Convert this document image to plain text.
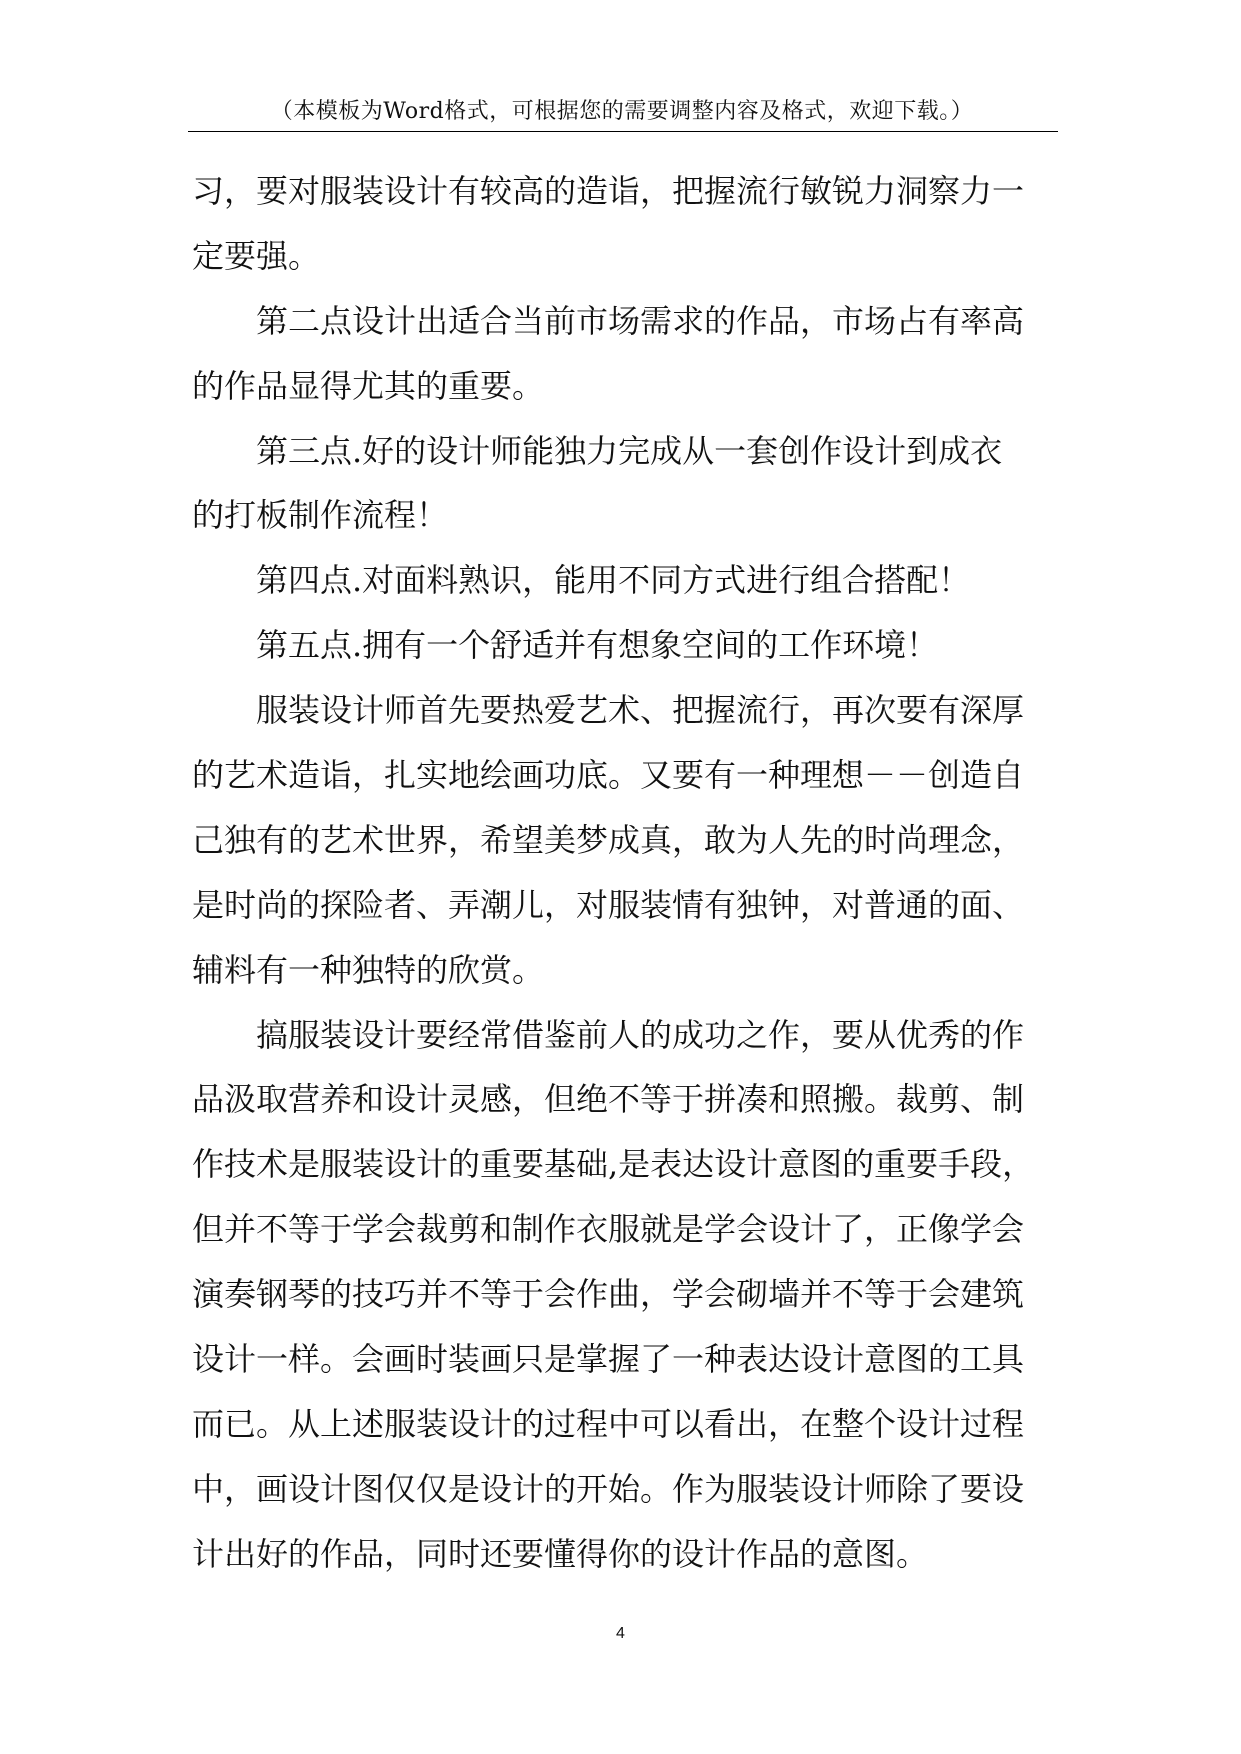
（本模板为Word格式，可根据您的需要调整内容及格式，欢迎下载。）

习，要对服装设计有较高的造诣，把握流行敏锐力洞察力一
定要强。

第二点设计出适合当前市场需求的作品，市场占有率高
的作品显得尤其的重要。

第三点.好的设计师能独力完成从一套创作设计到成衣
的打板制作流程！

第四点.对面料熟识，能用不同方式进行组合搭配！

第五点.拥有一个舒适并有想象空间的工作环境！

服装设计师首先要热爱艺术、把握流行，再次要有深厚
的艺术造诣，扎实地绘画功底。又要有一种理想－－创造自
己独有的艺术世界，希望美梦成真，敢为人先的时尚理念，
是时尚的探险者、弄潮儿，对服装情有独钟，对普通的面、
辅料有一种独特的欣赏。

搞服装设计要经常借鉴前人的成功之作，要从优秀的作
品汲取营养和设计灵感，但绝不等于拼凑和照搬。裁剪、制
作技术是服装设计的重要基础,是表达设计意图的重要手段，
但并不等于学会裁剪和制作衣服就是学会设计了，正像学会
演奏钢琴的技巧并不等于会作曲，学会砌墙并不等于会建筑
设计一样。会画时装画只是掌握了一种表达设计意图的工具
而已。从上述服装设计的过程中可以看出，在整个设计过程
中，画设计图仅仅是设计的开始。作为服装设计师除了要设
计出好的作品，同时还要懂得你的设计作品的意图。

4
